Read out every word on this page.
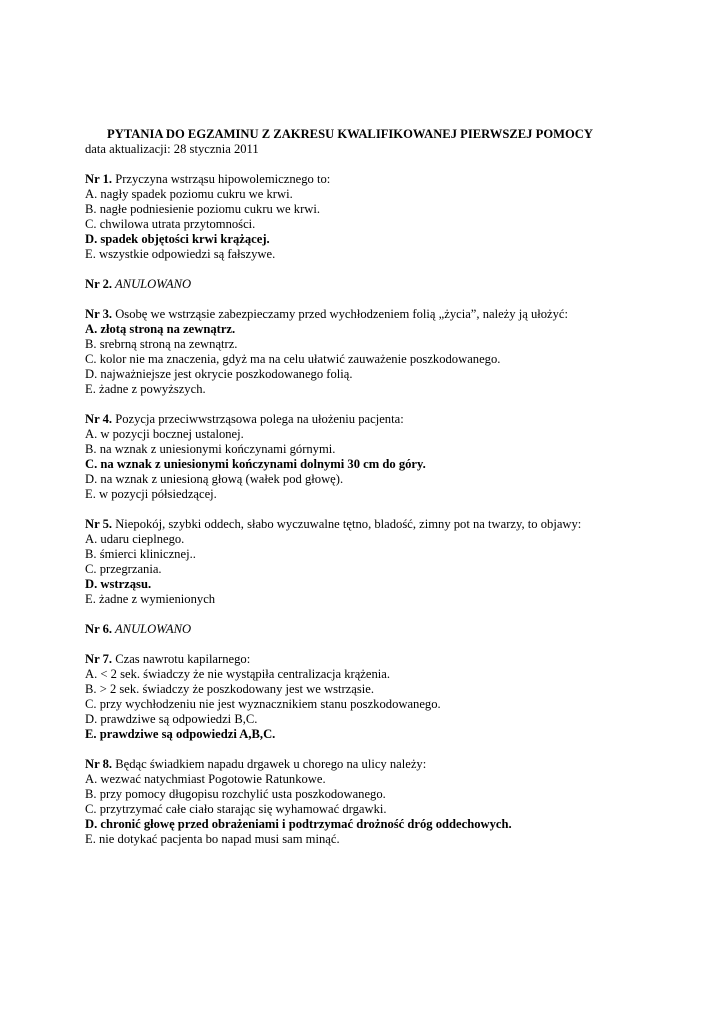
PYTANIA DO EGZAMINU Z ZAKRESU KWALIFIKOWANEJ PIERWSZEJ POMOCY
data aktualizacji: 28 stycznia 2011
Nr 1. Przyczyna wstrząsu hipowolemicznego to:
A. nagły spadek poziomu cukru we krwi.
B. nagłe podniesienie poziomu cukru we krwi.
C. chwilowa utrata przytomności.
D. spadek objętości krwi krążącej.
E. wszystkie odpowiedzi są fałszywe.
Nr 2. ANULOWANO
Nr 3. Osobę we wstrząsie zabezpieczamy przed wychłodzeniem folią „życia”, należy ją ułożyć:
A. złotą stroną na zewnątrz.
B. srebrną stroną na zewnątrz.
C. kolor nie ma znaczenia, gdyż ma na celu ułatwić zauważenie poszkodowanego.
D. najważniejsze jest okrycie poszkodowanego folią.
E. żadne z powyższych.
Nr 4. Pozycja przeciwwstrząsowa polega na ułożeniu pacjenta:
A. w pozycji bocznej ustalonej.
B. na wznak z uniesionymi kończynami górnymi.
C. na wznak z uniesionymi kończynami dolnymi 30 cm do góry.
D. na wznak z uniesioną głową (wałek pod głowę).
E. w pozycji półsiedzącej.
Nr 5. Niepokój, szybki oddech, słabo wyczuwalne tętno, bladość, zimny pot na twarzy, to objawy:
A. udaru cieplnego.
B. śmierci klinicznej..
C. przegrzania.
D. wstrząsu.
E. żadne z wymienionych
Nr 6. ANULOWANO
Nr 7. Czas nawrotu kapilarnego:
A. < 2 sek. świadczy że nie wystąpiła centralizacja krążenia.
B. > 2 sek. świadczy że poszkodowany jest we wstrząsie.
C. przy wychłodzeniu nie jest wyznacznikiem stanu poszkodowanego.
D. prawdziwe są odpowiedzi B,C.
E. prawdziwe są odpowiedzi A,B,C.
Nr 8. Będąc świadkiem napadu drgawek u chorego na ulicy należy:
A. wezwać natychmiast Pogotowie Ratunkowe.
B. przy pomocy długopisu rozchylić usta poszkodowanego.
C. przytrzymać całe ciało starając się wyhamować drgawki.
D. chronić głowę przed obrażeniami i podtrzymać drożność dróg oddechowych.
E. nie dotykać pacjenta bo napad musi sam minąć.
